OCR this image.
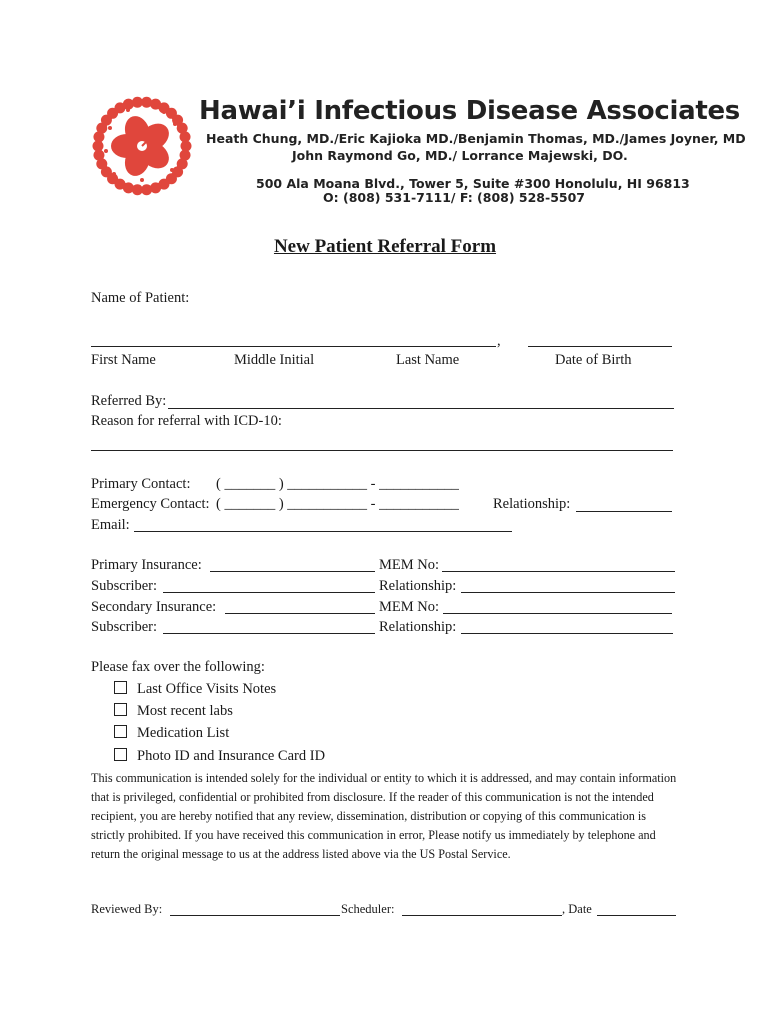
Hawai’i Infectious Disease Associates
Heath Chung, MD./Eric Kajioka MD./Benjamin Thomas, MD./James Joyner, MD
John Raymond Go, MD./ Lorrance Majewski, DO.
500 Ala Moana Blvd., Tower 5, Suite #300 Honolulu, HI 96813
O: (808) 531-7111/ F: (808) 528-5507
New Patient Referral Form
Name of Patient:
,
First Name	Middle Initial	Last Name	Date of Birth
Referred By:
Reason for referral with ICD-10:
Primary Contact: ( _______ ) ___________ - ___________
Emergency Contact: ( _______ ) ___________ - ___________ Relationship:
Email:
Primary Insurance:	MEM No:
Subscriber:	Relationship:
Secondary Insurance:	MEM No:
Subscriber:	Relationship:
Please fax over the following:
Last Office Visits Notes
Most recent labs
Medication List
Photo ID and Insurance Card ID
This communication is intended solely for the individual or entity to which it is addressed, and may contain information that is privileged, confidential or prohibited from disclosure. If the reader of this communication is not the intended recipient, you are hereby notified that any review, dissemination, distribution or copying of this communication is strictly prohibited. If you have received this communication in error, Please notify us immediately by telephone and return the original message to us at the address listed above via the US Postal Service.
Reviewed By:	Scheduler:	, Date
